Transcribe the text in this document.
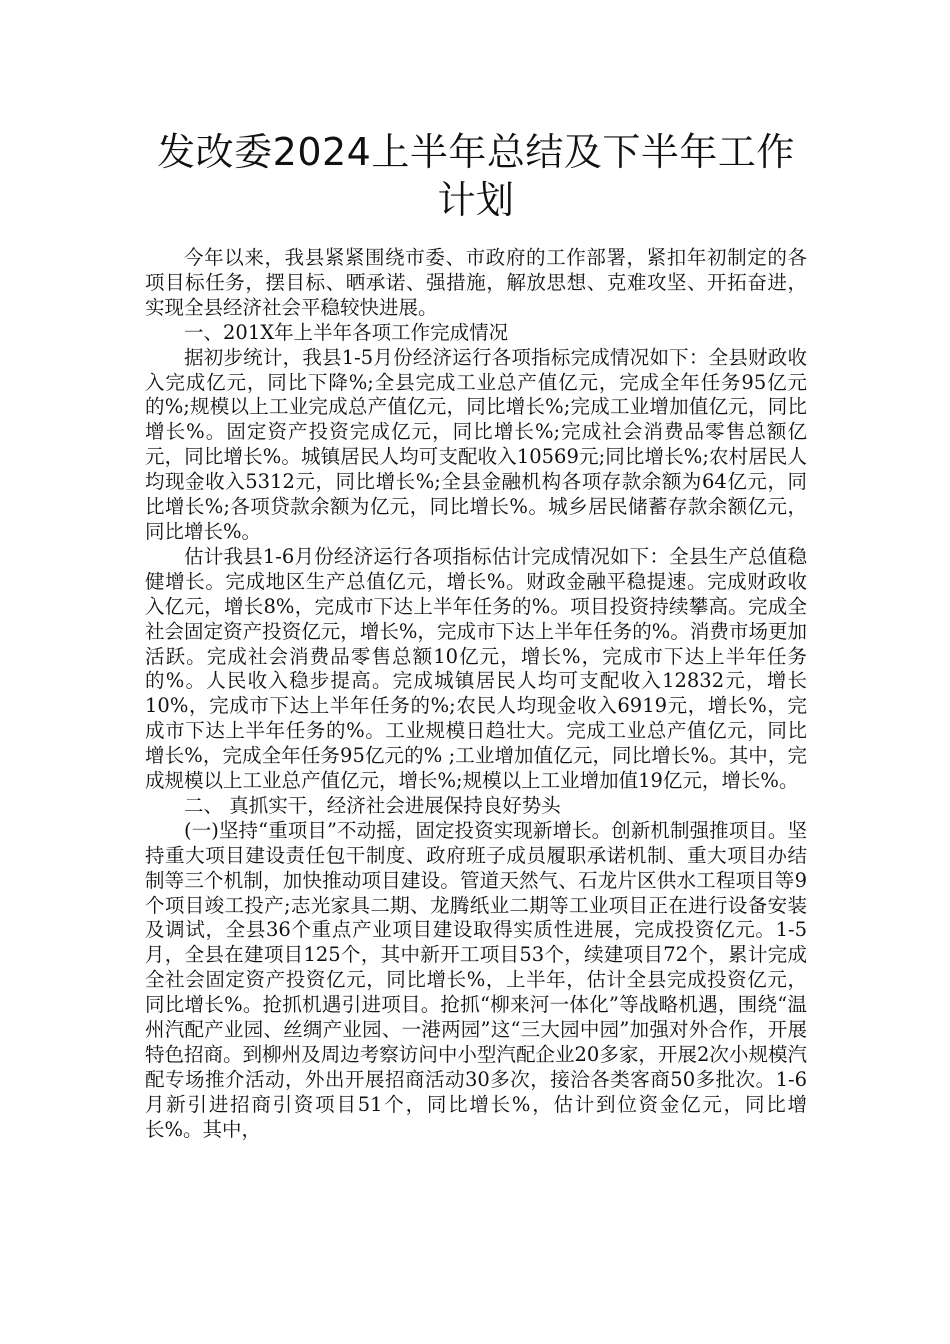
发改委2024上半年总结及下半年工作计划

今年以来，我县紧紧围绕市委、市政府的工作部署，紧扣年初制定的各项目标任务，摆目标、晒承诺、强措施，解放思想、克难攻坚、开拓奋进，实现全县经济社会平稳较快进展。

一、201X年上半年各项工作完成情况

据初步统计，我县1-5月份经济运行各项指标完成情况如下：全县财政收入完成亿元，同比下降%;全县完成工业总产值亿元，完成全年任务95亿元的%;规模以上工业完成总产值亿元，同比增长%;完成工业增加值亿元，同比增长%。固定资产投资完成亿元，同比增长%;完成社会消费品零售总额亿元，同比增长%。城镇居民人均可支配收入10569元;同比增长%;农村居民人均现金收入5312元，同比增长%;全县金融机构各项存款余额为64亿元，同比增长%;各项贷款余额为亿元，同比增长%。城乡居民储蓄存款余额亿元，同比增长%。

估计我县1-6月份经济运行各项指标估计完成情况如下：全县生产总值稳健增长。完成地区生产总值亿元，增长%。财政金融平稳提速。完成财政收入亿元，增长8%，完成市下达上半年任务的%。项目投资持续攀高。完成全社会固定资产投资亿元，增长%，完成市下达上半年任务的%。消费市场更加活跃。完成社会消费品零售总额10亿元，增长%，完成市下达上半年任务的%。人民收入稳步提高。完成城镇居民人均可支配收入12832元，增长10%，完成市下达上半年任务的%;农民人均现金收入6919元，增长%，完成市下达上半年任务的%。工业规模日趋壮大。完成工业总产值亿元，同比增长%，完成全年任务95亿元的% ;工业增加值亿元，同比增长%。其中，完成规模以上工业总产值亿元，增长%;规模以上工业增加值19亿元，增长%。

二、 真抓实干，经济社会进展保持良好势头

(一)坚持“重项目”不动摇，固定投资实现新增长。创新机制强推项目。坚持重大项目建设责任包干制度、政府班子成员履职承诺机制、重大项目办结制等三个机制，加快推动项目建设。管道天然气、石龙片区供水工程项目等9个项目竣工投产;志光家具二期、龙腾纸业二期等工业项目正在进行设备安装及调试，全县36个重点产业项目建设取得实质性进展，完成投资亿元。1-5月，全县在建项目125个，其中新开工项目53个，续建项目72个，累计完成全社会固定资产投资亿元，同比增长%，上半年，估计全县完成投资亿元，同比增长%。抢抓机遇引进项目。抢抓“柳来河一体化”等战略机遇，围绕“温州汽配产业园、丝绸产业园、一港两园”这“三大园中园”加强对外合作，开展特色招商。到柳州及周边考察访问中小型汽配企业20多家，开展2次小规模汽配专场推介活动，外出开展招商活动30多次，接洽各类客商50多批次。1-6月新引进招商引资项目51个，同比增长%，估计到位资金亿元，同比增长%。其中，
